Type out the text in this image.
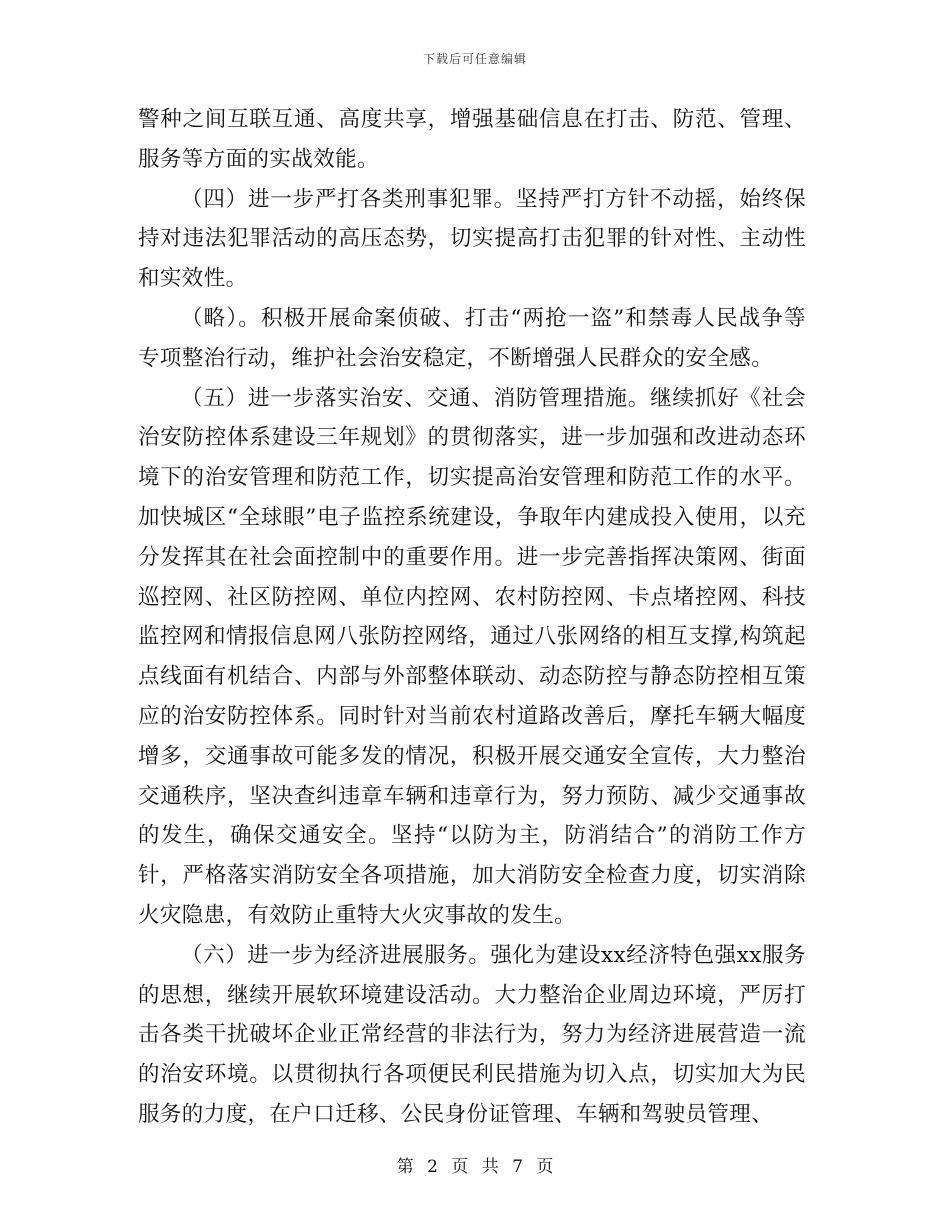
下载后可任意编辑

警种之间互联互通、高度共享，增强基础信息在打击、防范、管理、服务等方面的实战效能。

（四）进一步严打各类刑事犯罪。坚持严打方针不动摇，始终保持对违法犯罪活动的高压态势，切实提高打击犯罪的针对性、主动性和实效性。

（略）。积极开展命案侦破、打击“两抢一盗”和禁毒人民战争等专项整治行动，维护社会治安稳定，不断增强人民群众的安全感。

（五）进一步落实治安、交通、消防管理措施。继续抓好《社会治安防控体系建设三年规划》的贯彻落实，进一步加强和改进动态环境下的治安管理和防范工作，切实提高治安管理和防范工作的水平。加快城区“全球眼”电子监控系统建设，争取年内建成投入使用，以充分发挥其在社会面控制中的重要作用。进一步完善指挥决策网、街面巡控网、社区防控网、单位内控网、农村防控网、卡点堵控网、科技监控网和情报信息网八张防控网络，通过八张网络的相互支撑,构筑起点线面有机结合、内部与外部整体联动、动态防控与静态防控相互策应的治安防控体系。同时针对当前农村道路改善后，摩托车辆大幅度增多，交通事故可能多发的情况，积极开展交通安全宣传，大力整治交通秩序，坚决查纠违章车辆和违章行为，努力预防、减少交通事故的发生，确保交通安全。坚持“以防为主，防消结合”的消防工作方针，严格落实消防安全各项措施，加大消防安全检查力度，切实消除火灾隐患，有效防止重特大火灾事故的发生。

（六）进一步为经济进展服务。强化为建设xx经济特色强xx服务的思想，继续开展软环境建设活动。大力整治企业周边环境，严厉打击各类干扰破坏企业正常经营的非法行为，努力为经济进展营造一流的治安环境。以贯彻执行各项便民利民措施为切入点，切实加大为民服务的力度，在户口迁移、公民身份证管理、车辆和驾驶员管理、

第 2 页 共 7 页
